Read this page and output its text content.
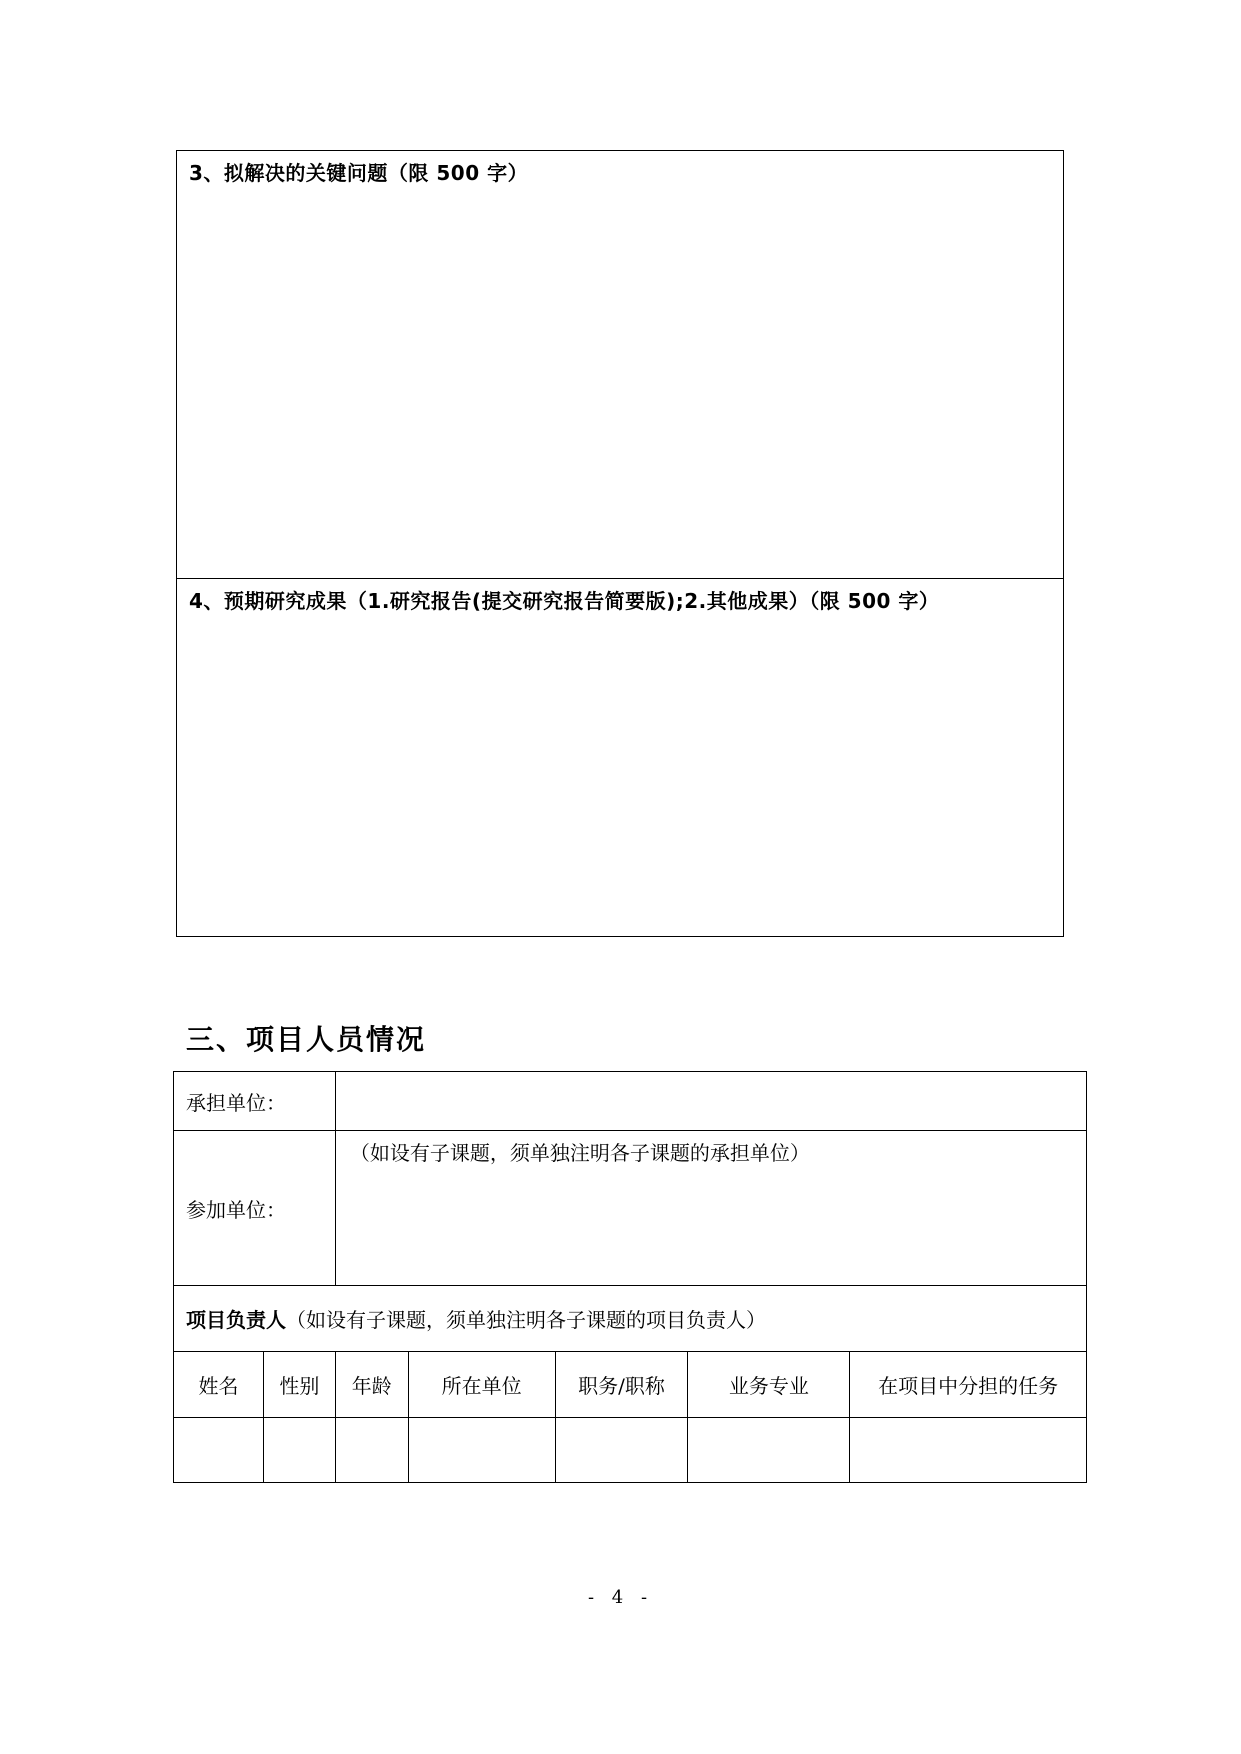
3、拟解决的关键问题（限 500 字）
4、预期研究成果（1.研究报告(提交研究报告简要版);2.其他成果）（限 500 字）
三、项目人员情况
承担单位：						
参加单位：		（如设有子课题，须单独注明各子课题的承担单位）				

项目负责人（如设有子课题，须单独注明各子课题的项目负责人）						
姓名	性别	年龄	所在单位	职务/职称	业务专业	在项目中分担的任务

- 4 -
